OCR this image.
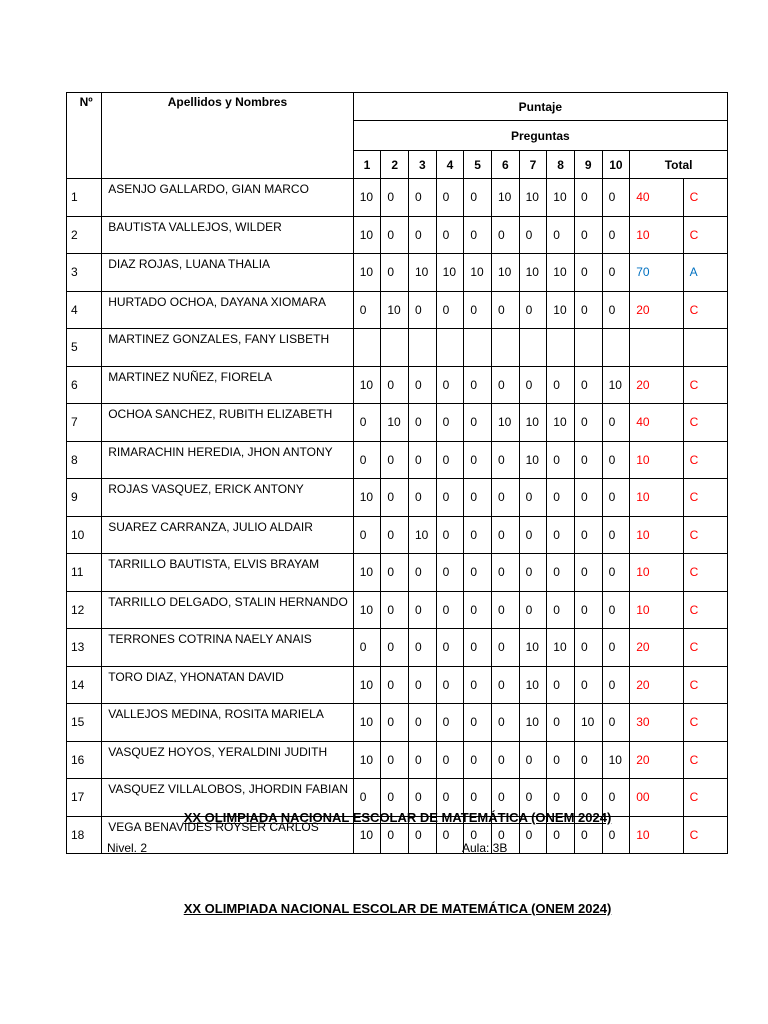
Nº	Apellidos y Nombres	Puntaje											
		Preguntas											
		1	2	3	4	5	6	7	8	9	10	Total	
1	ASENJO GALLARDO, GIAN MARCO	10	0	0	0	0	10	10	10	0	0	40	C
2	BAUTISTA VALLEJOS, WILDER	10	0	0	0	0	0	0	0	0	0	10	C
3	DIAZ ROJAS, LUANA THALIA	10	0	10	10	10	10	10	10	0	0	70	A
4	HURTADO OCHOA, DAYANA XIOMARA	0	10	0	0	0	0	0	10	0	0	20	C
5	MARTINEZ GONZALES, FANY LISBETH												
6	MARTINEZ NUÑEZ, FIORELA	10	0	0	0	0	0	0	0	0	10	20	C
7	OCHOA SANCHEZ, RUBITH ELIZABETH	0	10	0	0	0	10	10	10	0	0	40	C
8	RIMARACHIN HEREDIA, JHON ANTONY	0	0	0	0	0	0	10	0	0	0	10	C
9	ROJAS VASQUEZ, ERICK ANTONY	10	0	0	0	0	0	0	0	0	0	10	C
10	SUAREZ CARRANZA, JULIO ALDAIR	0	0	10	0	0	0	0	0	0	0	10	C
11	TARRILLO BAUTISTA, ELVIS BRAYAM	10	0	0	0	0	0	0	0	0	0	10	C
12	TARRILLO DELGADO, STALIN HERNANDO	10	0	0	0	0	0	0	0	0	0	10	C
13	TERRONES COTRINA NAELY ANAIS	0	0	0	0	0	0	10	10	0	0	20	C
14	TORO DIAZ, YHONATAN DAVID	10	0	0	0	0	0	10	0	0	0	20	C
15	VALLEJOS MEDINA, ROSITA MARIELA	10	0	0	0	0	0	10	0	10	0	30	C
16	VASQUEZ HOYOS, YERALDINI JUDITH	10	0	0	0	0	0	0	0	0	10	20	C
17	VASQUEZ VILLALOBOS, JHORDIN FABIAN	0	0	0	0	0	0	0	0	0	0	00	C
18	VEGA BENAVIDES ROYSER CARLOS	10	0	0	0	0	0	0	0	0	0	10	C
XX OLIMPIADA NACIONAL ESCOLAR DE MATEMÁTICA (ONEM 2024)
Nivel. 2	Aula: 3B
XX OLIMPIADA NACIONAL ESCOLAR DE MATEMÁTICA (ONEM 2024)
